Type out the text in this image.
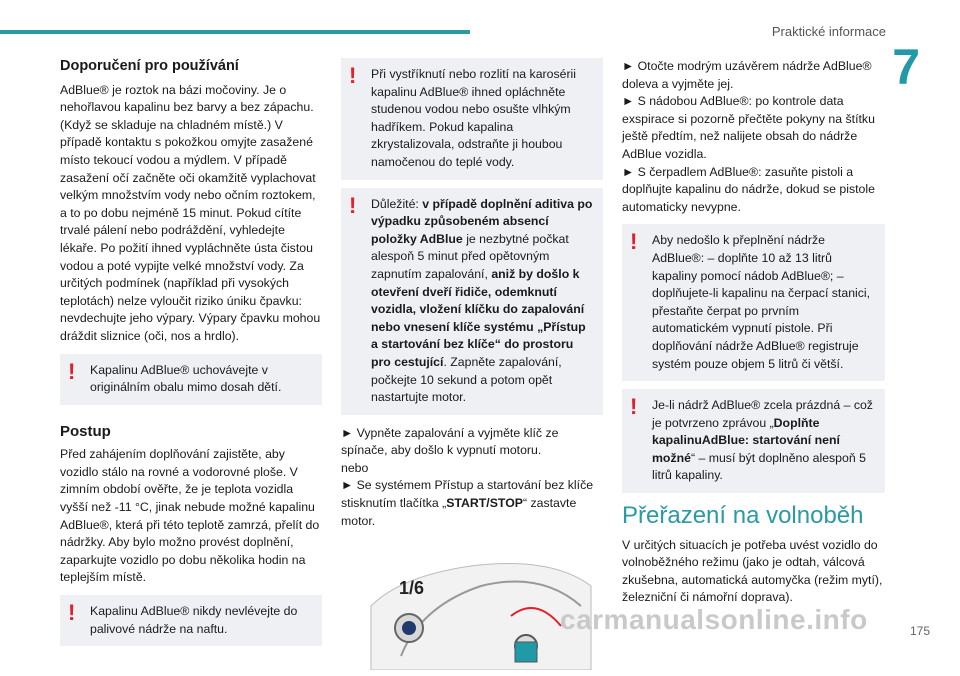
Praktické informace
7
Doporučení pro používání

AdBlue® je roztok na bázi močoviny. Je o nehořlavou kapalinu bez barvy a bez zápachu. (Když se skladuje na chladném místě.) V případě kontaktu s pokožkou omyjte zasažené místo tekoucí vodou a mýdlem. V případě zasažení očí začněte oči okamžitě vyplachovat velkým množstvím vody nebo očním roztokem, a to po dobu nejméně 15 minut. Pokud cítíte trvalé pálení nebo podráždění, vyhledejte lékaře. Po požití ihned vypláchněte ústa čistou vodou a poté vypijte velké množství vody. Za určitých podmínek (například při vysokých teplotách) nelze vyloučit riziko úniku čpavku: nevdechujte jeho výpary. Výpary čpavku mohou dráždit sliznice (oči, nos a hrdlo).

!	Kapalinu AdBlue® uchovávejte v originálním obalu mimo dosah dětí.

Postup

Před zahájením doplňování zajistěte, aby vozidlo stálo na rovné a vodorovné ploše. V zimním období ověřte, že je teplota vozidla vyšší než -11 °C, jinak nebude možné kapalinu AdBlue®, která při této teplotě zamrzá, přelít do nádržky. Aby bylo možno provést doplnění, zaparkujte vozidlo po dobu několika hodin na teplejším místě.

!	Kapalinu AdBlue® nikdy nevlévejte do palivové nádrže na naftu.

!	Při vystříknutí nebo rozlití na karosérii kapalinu AdBlue® ihned opláchněte studenou vodou nebo osušte vlhkým hadříkem. Pokud kapalina zkrystalizovala, odstraňte ji houbou namočenou do teplé vody.

!	Důležité: v případě doplnění aditiva po výpadku způsobeném absencí položky AdBlue je nezbytné počkat alespoň 5 minut před opětovným zapnutím zapalování, aniž by došlo k otevření dveří řidiče, odemknutí vozidla, vložení klíčku do zapalování nebo vnesení klíče systému „Přístup a startování bez klíče“ do prostoru pro cestující. Zapněte zapalování, počkejte 10 sekund a potom opět nastartujte motor.

► Vypněte zapalování a vyjměte klíč ze spínače, aby došlo k vypnutí motoru.

nebo

► Se systémem Přístup a startování bez klíče stisknutím tlačítka „START/STOP“ zastavte motor.

1/6

► Otočte modrým uzávěrem nádrže AdBlue® doleva a vyjměte jej.

► S nádobou AdBlue®: po kontrole data exspirace si pozorně přečtěte pokyny na štítku ještě předtím, než nalijete obsah do nádrže AdBlue vozidla.

► S čerpadlem AdBlue®: zasuňte pistoli a doplňujte kapalinu do nádrže, dokud se pistole automaticky nevypne.

!	Aby nedošlo k přeplnění nádrže AdBlue®: – doplňte 10 až 13 litrů kapaliny pomocí nádob AdBlue®; – doplňujete-li kapalinu na čerpací stanici, přestaňte čerpat po prvním automatickém vypnutí pistole. Při doplňování nádrže AdBlue® registruje systém pouze objem 5 litrů či větší.

!	Je-li nádrž AdBlue® zcela prázdná – což je potvrzeno zprávou „Doplňte kapalinuAdBlue: startování není možné“ – musí být doplněno alespoň 5 litrů kapaliny.

Přeřazení na volnoběh

V určitých situacích je potřeba uvést vozidlo do volnoběžného režimu (jako je odtah, válcová zkušebna, automatická automyčka (režim mytí), železniční či námořní doprava).

carmanualsonline.info	175
